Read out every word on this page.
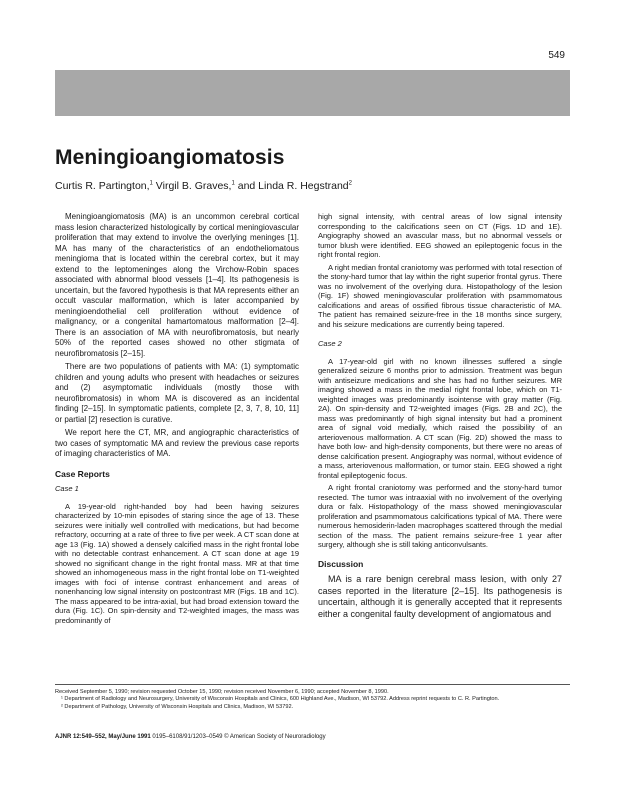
549
Meningioangiomatosis
Curtis R. Partington,$^1$ Virgil B. Graves,$^1$ and Linda R. Hegstrand$^2$

Meningioangiomatosis (MA) is an uncommon cerebral cortical mass lesion characterized histologically by cortical meningiovascular proliferation that may extend to involve the overlying meninges [1]. MA has many of the characteristics of an endotheliomatous meningioma that is located within the cerebral cortex, but it may extend to the leptomeninges along the Virchow-Robin spaces associated with abnormal blood vessels [1–4]. Its pathogenesis is uncertain, but the favored hypothesis is that MA represents either an occult vascular malformation, which is later accompanied by meningioendothelial cell proliferation without evidence of malignancy, or a congenital hamartomatous malformation [2–4]. There is an association of MA with neurofibromatosis, but nearly 50% of the reported cases showed no other stigmata of neurofibromatosis [2–15].

There are two populations of patients with MA: (1) symptomatic children and young adults who present with headaches or seizures and (2) asymptomatic individuals (mostly those with neurofibromatosis) in whom MA is discovered as an incidental finding [2–15]. In symptomatic patients, complete [2, 3, 7, 8, 10, 11] or partial [2] resection is curative.

We report here the CT, MR, and angiographic characteristics of two cases of symptomatic MA and review the previous case reports of imaging characteristics of MA.

Case Reports
Case 1

A 19-year-old right-handed boy had been having seizures characterized by 10-min episodes of staring since the age of 13. These seizures were initially well controlled with medications, but had become refractory, occurring at a rate of three to five per week. A CT scan done at age 13 (Fig. 1A) showed a densely calcified mass in the right frontal lobe with no detectable contrast enhancement. A CT scan done at age 19 showed no significant change in the right frontal mass. MR at that time showed an inhomogeneous mass in the right frontal lobe on T1-weighted images with foci of intense contrast enhancement and areas of nonenhancing low signal intensity on postcontrast MR (Figs. 1B and 1C). The mass appeared to be intra-axial, but had broad extension toward the dura (Fig. 1C). On spin-density and T2-weighted images, the mass was predominantly of

high signal intensity, with central areas of low signal intensity corresponding to the calcifications seen on CT (Figs. 1D and 1E). Angiography showed an avascular mass, but no abnormal vessels or tumor blush were identified. EEG showed an epileptogenic focus in the right frontal region.

A right median frontal craniotomy was performed with total resection of the stony-hard tumor that lay within the right superior frontal gyrus. There was no involvement of the overlying dura. Histopathology of the lesion (Fig. 1F) showed meningiovascular proliferation with psammomatous calcifications and areas of ossified fibrous tissue characteristic of MA. The patient has remained seizure-free in the 18 months since surgery, and his seizure medications are currently being tapered.

Case 2

A 17-year-old girl with no known illnesses suffered a single generalized seizure 6 months prior to admission. Treatment was begun with antiseizure medications and she has had no further seizures. MR imaging showed a mass in the medial right frontal lobe, which on T1-weighted images was predominantly isointense with gray matter (Fig. 2A). On spin-density and T2-weighted images (Figs. 2B and 2C), the mass was predominantly of high signal intensity but had a prominent area of signal void medially, which raised the possibility of an arteriovenous malformation. A CT scan (Fig. 2D) showed the mass to have both low- and high-density components, but there were no areas of dense calcification present. Angiography was normal, without evidence of a mass, arteriovenous malformation, or tumor stain. EEG showed a right frontal epileptogenic focus.

A right frontal craniotomy was performed and the stony-hard tumor resected. The tumor was intraaxial with no involvement of the overlying dura or falx. Histopathology of the mass showed meningiovascular proliferation and psammomatous calcifications typical of MA. There were numerous hemosiderin-laden macrophages scattered through the medial section of the mass. The patient remains seizure-free 1 year after surgery, although she is still taking anticonvulsants.

Discussion

MA is a rare benign cerebral mass lesion, with only 27 cases reported in the literature [2–15]. Its pathogenesis is uncertain, although it is generally accepted that it represents either a congenital faulty development of angiomatous and

Received September 5, 1990; revision requested October 15, 1990; revision received November 6, 1990; accepted November 8, 1990.
¹ Department of Radiology and Neurosurgery, University of Wisconsin Hospitals and Clinics, 600 Highland Ave., Madison, WI 53792. Address reprint requests to C. R. Partington.
² Department of Pathology, University of Wisconsin Hospitals and Clinics, Madison, WI 53792.
AJNR 12:549–552, May/June 1991 0195–6108/91/1203–0549 © American Society of Neuroradiology
